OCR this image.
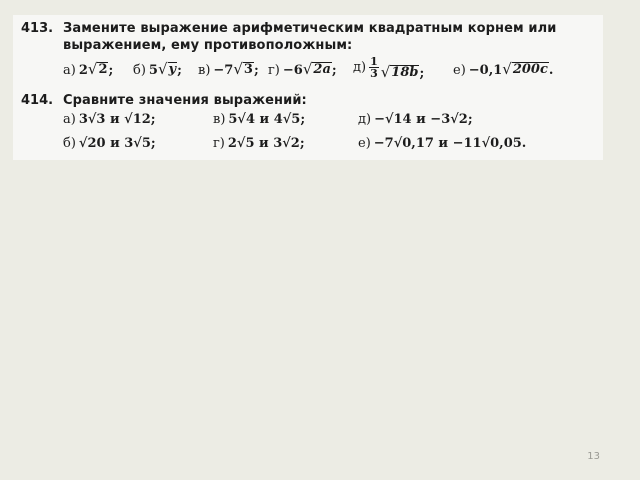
413. Замените выражение арифметическим квадратным корнем или
выражением, ему противоположным:
а) 2 √ 2 ; б) 5 √ y ; в) −7 √ 3 ; г) −6 √ 2a ; $д) \frac{1}{3}$ √ 18b ; е) −0,1 √ 200c .
414. Сравните значения выражений:
а) 3√3 и √12;	в) 5√4 и 4√5;	д) −√14 и −3√2;
б) √20 и 3√5;	г) 2√5 и 3√2;	е) −7√0,17 и −11√0,05.
13
